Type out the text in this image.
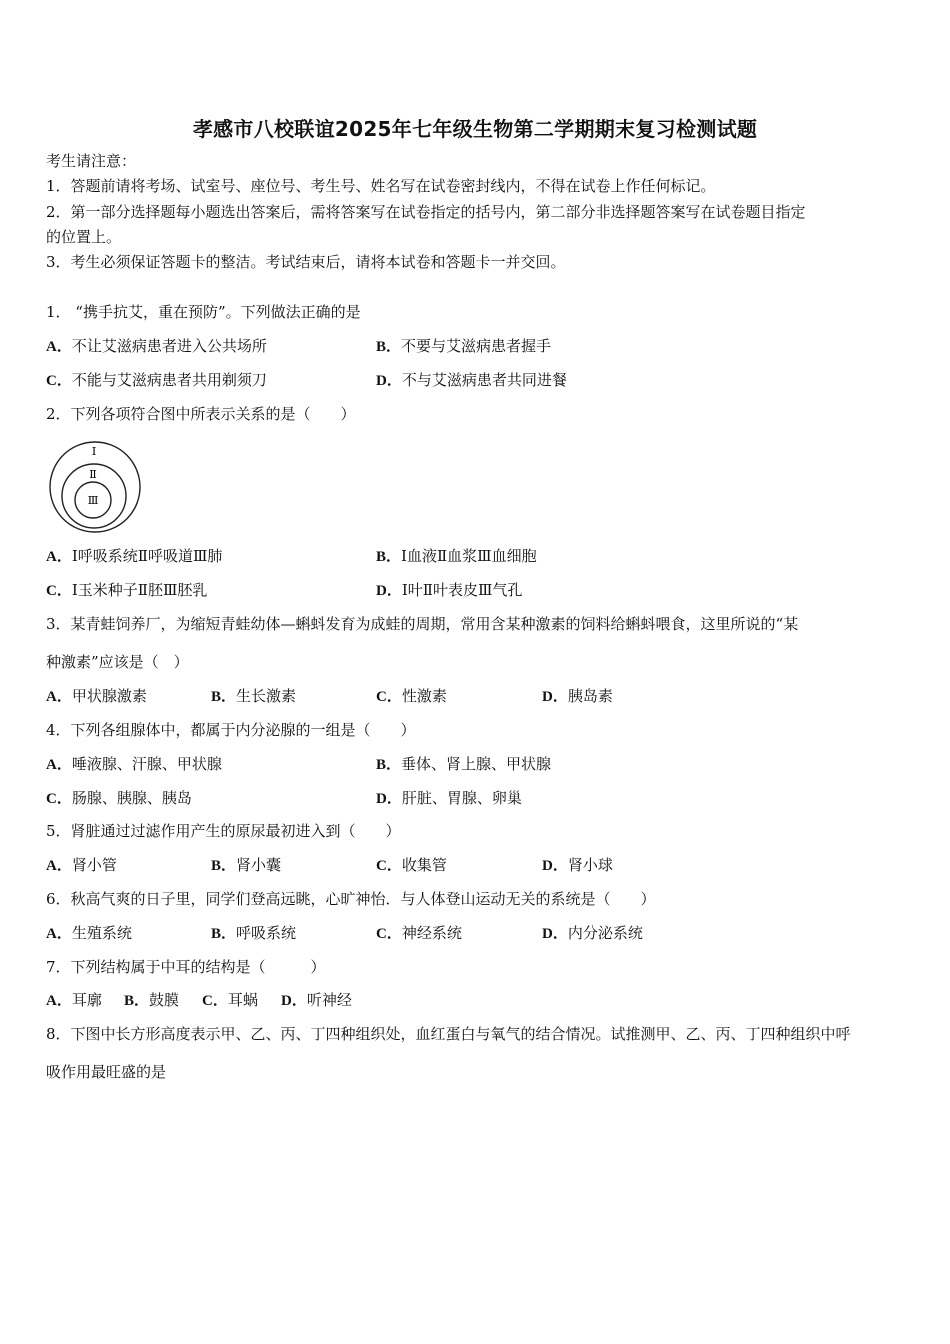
孝感市八校联谊2025年七年级生物第二学期期末复习检测试题
考生请注意：
1．答题前请将考场、试室号、座位号、考生号、姓名写在试卷密封线内，不得在试卷上作任何标记。
2．第一部分选择题每小题选出答案后，需将答案写在试卷指定的括号内，第二部分非选择题答案写在试卷题目指定
的位置上。
3．考生必须保证答题卡的整洁。考试结束后，请将本试卷和答题卡一并交回。
1． “携手抗艾，重在预防”。下列做法正确的是
A．不让艾滋病患者进入公共场所	B．不要与艾滋病患者握手
C．不能与艾滋病患者共用剃须刀	D．不与艾滋病患者共同进餐
2．下列各项符合图中所表示关系的是（　　）
Ⅰ
Ⅱ
Ⅲ
A．Ⅰ呼吸系统Ⅱ呼吸道Ⅲ肺	B．Ⅰ血液Ⅱ血浆Ⅲ血细胞
C．Ⅰ玉米种子Ⅱ胚Ⅲ胚乳	D．Ⅰ叶Ⅱ叶表皮Ⅲ气孔
3．某青蛙饲养厂，为缩短青蛙幼体—蝌蚪发育为成蛙的周期，常用含某种激素的饲料给蝌蚪喂食，这里所说的“某
种激素”应该是（　）
A．甲状腺激素	B．生长激素	C．性激素	D．胰岛素
4．下列各组腺体中，都属于内分泌腺的一组是（　　）
A．唾液腺、汗腺、甲状腺	B．垂体、肾上腺、甲状腺
C．肠腺、胰腺、胰岛	D．肝脏、胃腺、卵巢
5．肾脏通过过滤作用产生的原尿最初进入到（　　）
A．肾小管	B．肾小囊	C．收集管	D．肾小球
6．秋高气爽的日子里，同学们登高远眺，心旷神怡．与人体登山运动无关的系统是（　　）
A．生殖系统	B．呼吸系统	C．神经系统	D．内分泌系统
7．下列结构属于中耳的结构是（　　　）
A．耳廓 B．鼓膜 C．耳蜗 D．听神经
8．下图中长方形高度表示甲、乙、丙、丁四种组织处，血红蛋白与氧气的结合情况。试推测甲、乙、丙、丁四种组织中呼
吸作用最旺盛的是
